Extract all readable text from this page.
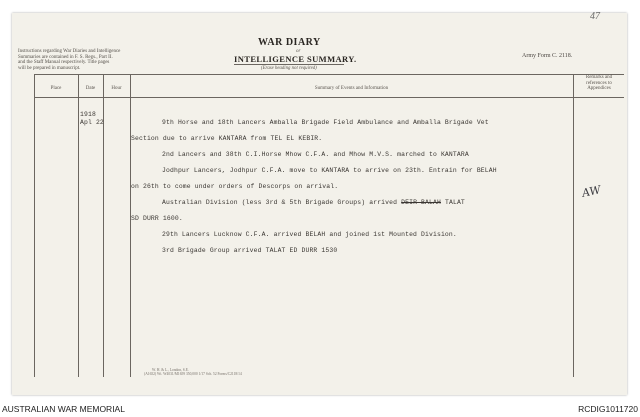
47
Instructions regarding War Diaries and Intelligence
Summaries are contained in F. S. Regs., Part II.
and the Staff Manual respectively. Title pages
will be prepared in manuscript.
WAR DIARY
or
INTELLIGENCE SUMMARY.
(Erase heading not required)
Army Form C. 2118.
Place	Date	Hour	Summary of Events and Information
Remarks and
references to
Appendices
1918
Apl 22	9th Horse and 18th Lancers Amballa Brigade Field Ambulance and Amballa Brigade Vet
Section due to arrive KANTARA from TEL EL KEBIR.
2nd Lancers and 38th C.I.Horse Mhow C.F.A. and Mhow M.V.S. marched to KANTARA
Jodhpur Lancers, Jodhpur C.F.A. move to KANTARA to arrive on 23th. Entrain for BELAH
on 26th to come under orders of Descorps on arrival.
Australian Division (less 3rd & 5th Brigade Groups) arrived DEIR-BALAH TALAT
SD DURR 1600.
29th Lancers Lucknow C.F.A. arrived BELAH and joined 1st Mounted Division.
3rd Brigade Group arrived TALAT ED DURR 1530
AW
W. H. & L., London, S.E.
(A1652) Wt. W4031/M1659 350,000 1/17 Sch. 52 Forms/C2118/14
AUSTRALIAN WAR MEMORIAL	RCDIG1011720
